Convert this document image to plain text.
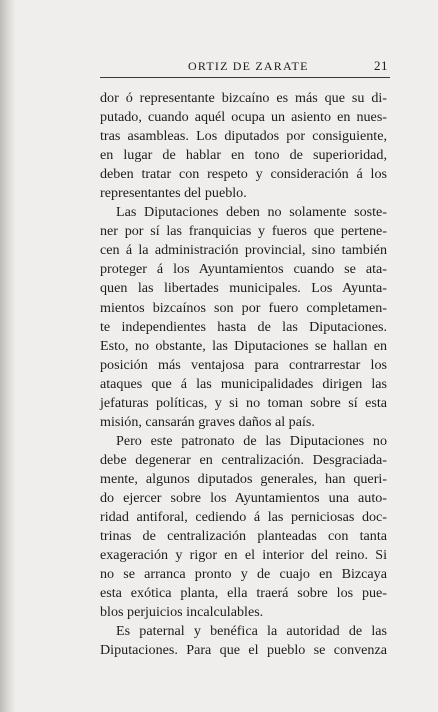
ORTIZ DE ZARATE	21
dor ó representante bizcaíno es más que su di-
putado, cuando aquél ocupa un asiento en nues-
tras asambleas. Los diputados por consiguiente,
en lugar de hablar en tono de superioridad,
deben tratar con respeto y consideración á los
representantes del pueblo.
Las Diputaciones deben no solamente soste-
ner por sí las franquicias y fueros que pertene-
cen á la administración provincial, sino también
proteger á los Ayuntamientos cuando se ata-
quen las libertades municipales. Los Ayunta-
mientos bizcaínos son por fuero completamen-
te independientes hasta de las Diputaciones.
Esto, no obstante, las Diputaciones se hallan en
posición más ventajosa para contrarrestar los
ataques que á las municipalidades dirigen las
jefaturas políticas, y si no toman sobre sí esta
misión, cansarán graves daños al país.
Pero este patronato de las Diputaciones no
debe degenerar en centralización. Desgraciada-
mente, algunos diputados generales, han queri-
do ejercer sobre los Ayuntamientos una auto-
ridad antiforal, cediendo á las perniciosas doc-
trinas de centralización planteadas con tanta
exageración y rigor en el interior del reino. Si
no se arranca pronto y de cuajo en Bizcaya
esta exótica planta, ella traerá sobre los pue-
blos perjuicios incalculables.
Es paternal y benéfica la autoridad de las
Diputaciones. Para que el pueblo se convenza
